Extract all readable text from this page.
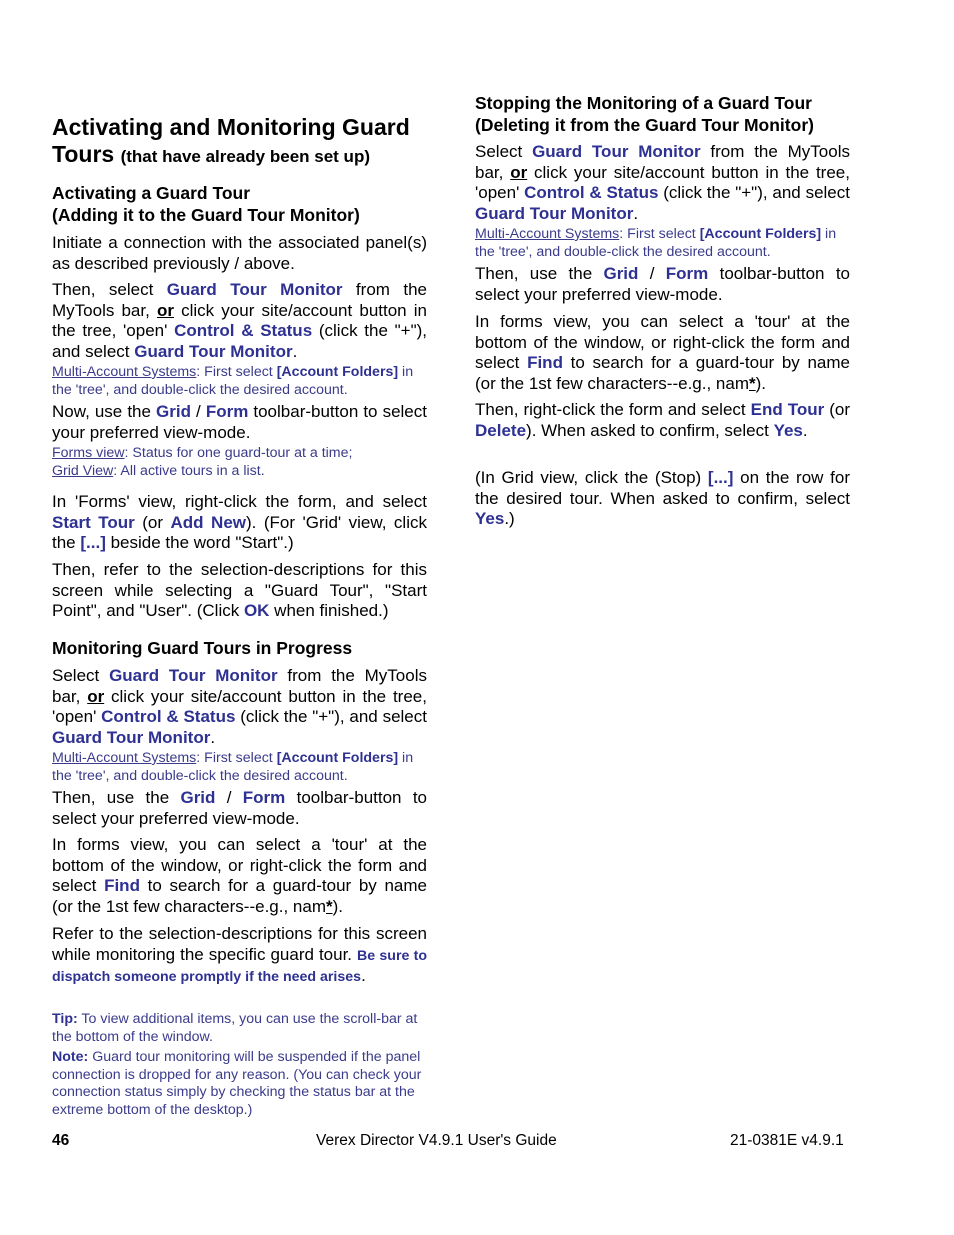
Activating and Monitoring Guard Tours (that have already been set up)
Activating a Guard Tour
(Adding it to the Guard Tour Monitor)

Initiate a connection with the associated panel(s) as described previously / above.

Then, select Guard Tour Monitor from the MyTools bar, or click your site/account button in the tree, 'open' Control & Status (click the "+"), and select Guard Tour Monitor.

Multi-Account Systems: First select [Account Folders] in the 'tree', and double-click the desired account.

Now, use the Grid / Form toolbar-button to select your preferred view-mode.

Forms view: Status for one guard-tour at a time;
Grid View: All active tours in a list.

In 'Forms' view, right-click the form, and select Start Tour (or Add New). (For 'Grid' view, click the [...] beside the word "Start".)

Then, refer to the selection-descriptions for this screen while selecting a "Guard Tour", "Start Point", and "User". (Click OK when finished.)

Monitoring Guard Tours in Progress

Select Guard Tour Monitor from the MyTools bar, or click your site/account button in the tree, 'open' Control & Status (click the "+"), and select Guard Tour Monitor.

Multi-Account Systems: First select [Account Folders] in the 'tree', and double-click the desired account.

Then, use the Grid / Form toolbar-button to select your preferred view-mode.

In forms view, you can select a 'tour' at the bottom of the window, or right-click the form and select Find to search for a guard-tour by name (or the 1st few characters--e.g., nam*).

Refer to the selection-descriptions for this screen while monitoring the specific guard tour. Be sure to dispatch someone promptly if the need arises.

Tip: To view additional items, you can use the scroll-bar at the bottom of the window.

Note: Guard tour monitoring will be suspended if the panel connection is dropped for any reason. (You can check your connection status simply by checking the status bar at the extreme bottom of the desktop.)

Stopping the Monitoring of a Guard Tour
(Deleting it from the Guard Tour Monitor)

Select Guard Tour Monitor from the MyTools bar, or click your site/account button in the tree, 'open' Control & Status (click the "+"), and select Guard Tour Monitor.

Multi-Account Systems: First select [Account Folders] in the 'tree', and double-click the desired account.

Then, use the Grid / Form toolbar-button to select your preferred view-mode.

In forms view, you can select a 'tour' at the bottom of the window, or right-click the form and select Find to search for a guard-tour by name (or the 1st few characters--e.g., nam*).

Then, right-click the form and select End Tour (or Delete). When asked to confirm, select Yes.

(In Grid view, click the (Stop) [...] on the row for the desired tour. When asked to confirm, select Yes.)

46	Verex Director V4.9.1 User's Guide	21-0381E v4.9.1
